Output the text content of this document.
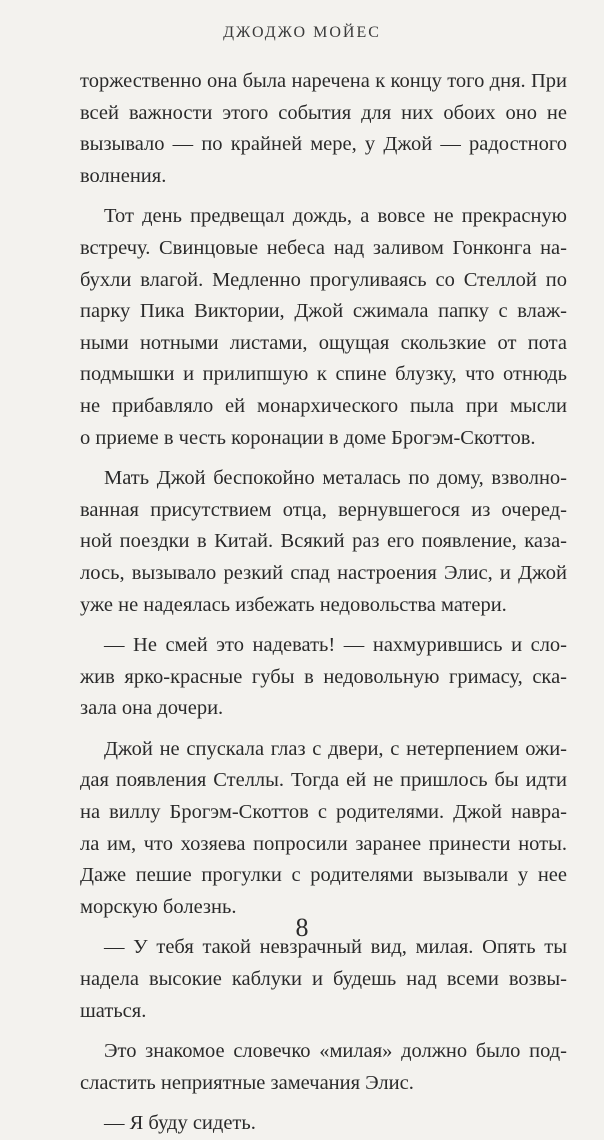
ДЖОДЖО МОЙЕС
торжественно она была наречена к концу того дня. При
всей важности этого события для них обоих оно не
вызывало — по крайней мере, у Джой — радостного
волнения.
Тот день предвещал дождь, а вовсе не прекрасную
встречу. Свинцовые небеса над заливом Гонконга на-
бухли влагой. Медленно прогуливаясь со Стеллой по
парку Пика Виктории, Джой сжимала папку с влаж-
ными нотными листами, ощущая скользкие от пота
подмышки и прилипшую к спине блузку, что отнюдь
не прибавляло ей монархического пыла при мысли
о приеме в честь коронации в доме Брогэм-Скоттов.
Мать Джой беспокойно металась по дому, взволно-
ванная присутствием отца, вернувшегося из очеред-
ной поездки в Китай. Всякий раз его появление, каза-
лось, вызывало резкий спад настроения Элис, и Джой
уже не надеялась избежать недовольства матери.
— Не смей это надевать! — нахмурившись и сло-
жив ярко-красные губы в недовольную гримасу, ска-
зала она дочери.
Джой не спускала глаз с двери, с нетерпением ожи-
дая появления Стеллы. Тогда ей не пришлось бы идти
на виллу Брогэм-Скоттов с родителями. Джой навра-
ла им, что хозяева попросили заранее принести ноты.
Даже пешие прогулки с родителями вызывали у нее
морскую болезнь.
— У тебя такой невзрачный вид, милая. Опять ты
надела высокие каблуки и будешь над всеми возвы-
шаться.
Это знакомое словечко «милая» должно было под-
сластить неприятные замечания Элис.
— Я буду сидеть.
8
